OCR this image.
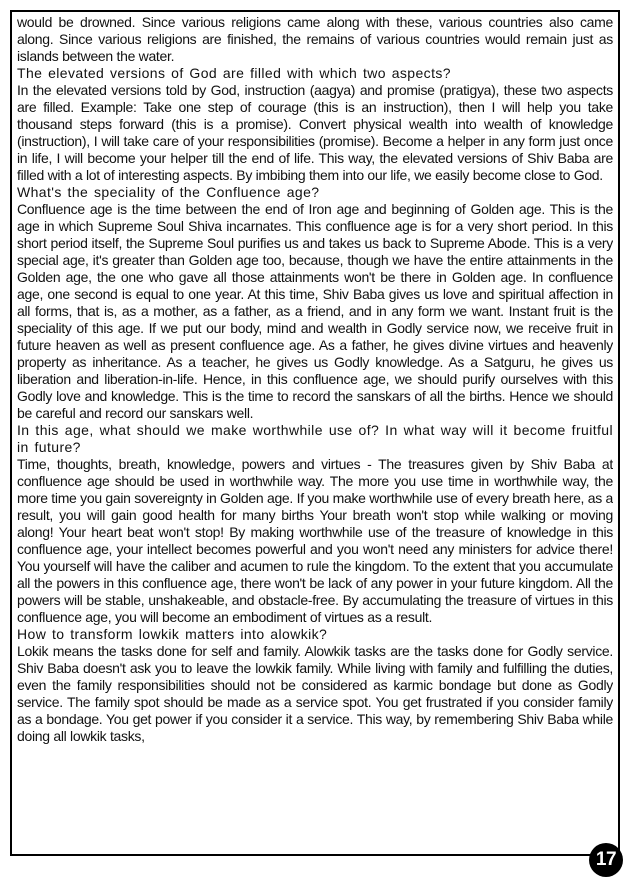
would be drowned. Since various religions came along with these, various countries also came along. Since various religions are finished, the remains of various countries would remain just as islands between the water.

The elevated versions of God are filled with which two aspects?

In the elevated versions told by God, instruction (aagya) and promise (pratigya), these two aspects are filled. Example: Take one step of courage (this is an instruction), then I will help you take thousand steps forward (this is a promise). Convert physical wealth into wealth of knowledge (instruction), I will take care of your responsibilities (promise). Become a helper in any form just once in life, I will become your helper till the end of life. This way, the elevated versions of Shiv Baba are filled with a lot of interesting aspects. By imbibing them into our life, we easily become close to God.

What's the speciality of the Confluence age?

Confluence age is the time between the end of Iron age and beginning of Golden age. This is the age in which Supreme Soul Shiva incarnates. This confluence age is for a very short period. In this short period itself, the Supreme Soul purifies us and takes us back to Supreme Abode. This is a very special age, it's greater than Golden age too, because, though we have the entire attainments in the Golden age, the one who gave all those attainments won't be there in Golden age. In confluence age, one second is equal to one year. At this time, Shiv Baba gives us love and spiritual affection in all forms, that is, as a mother, as a father, as a friend, and in any form we want. Instant fruit is the speciality of this age. If we put our body, mind and wealth in Godly service now, we receive fruit in future heaven as well as present confluence age. As a father, he gives divine virtues and heavenly property as inheritance. As a teacher, he gives us Godly knowledge. As a Satguru, he gives us liberation and liberation-in-life. Hence, in this confluence age, we should purify ourselves with this Godly love and knowledge. This is the time to record the sanskars of all the births. Hence we should be careful and record our sanskars well.

In this age, what should we make worthwhile use of? In what way will it become fruitful in future?

Time, thoughts, breath, knowledge, powers and virtues - The treasures given by Shiv Baba at confluence age should be used in worthwhile way. The more you use time in worthwhile way, the more time you gain sovereignty in Golden age. If you make worthwhile use of every breath here, as a result, you will gain good health for many births Your breath won't stop while walking or moving along! Your heart beat won't stop! By making worthwhile use of the treasure of knowledge in this confluence age, your intellect becomes powerful and you won't need any ministers for advice there! You yourself will have the caliber and acumen to rule the kingdom. To the extent that you accumulate all the powers in this confluence age, there won't be lack of any power in your future kingdom. All the powers will be stable, unshakeable, and obstacle-free. By accumulating the treasure of virtues in this confluence age, you will become an embodiment of virtues as a result.

How to transform lowkik matters into alowkik?

Lokik means the tasks done for self and family. Alowkik tasks are the tasks done for Godly service. Shiv Baba doesn't ask you to leave the lowkik family. While living with family and fulfilling the duties, even the family responsibilities should not be considered as karmic bondage but done as Godly service. The family spot should be made as a service spot. You get frustrated if you consider family as a bondage. You get power if you consider it a service. This way, by remembering Shiv Baba while doing all lowkik tasks,

17
